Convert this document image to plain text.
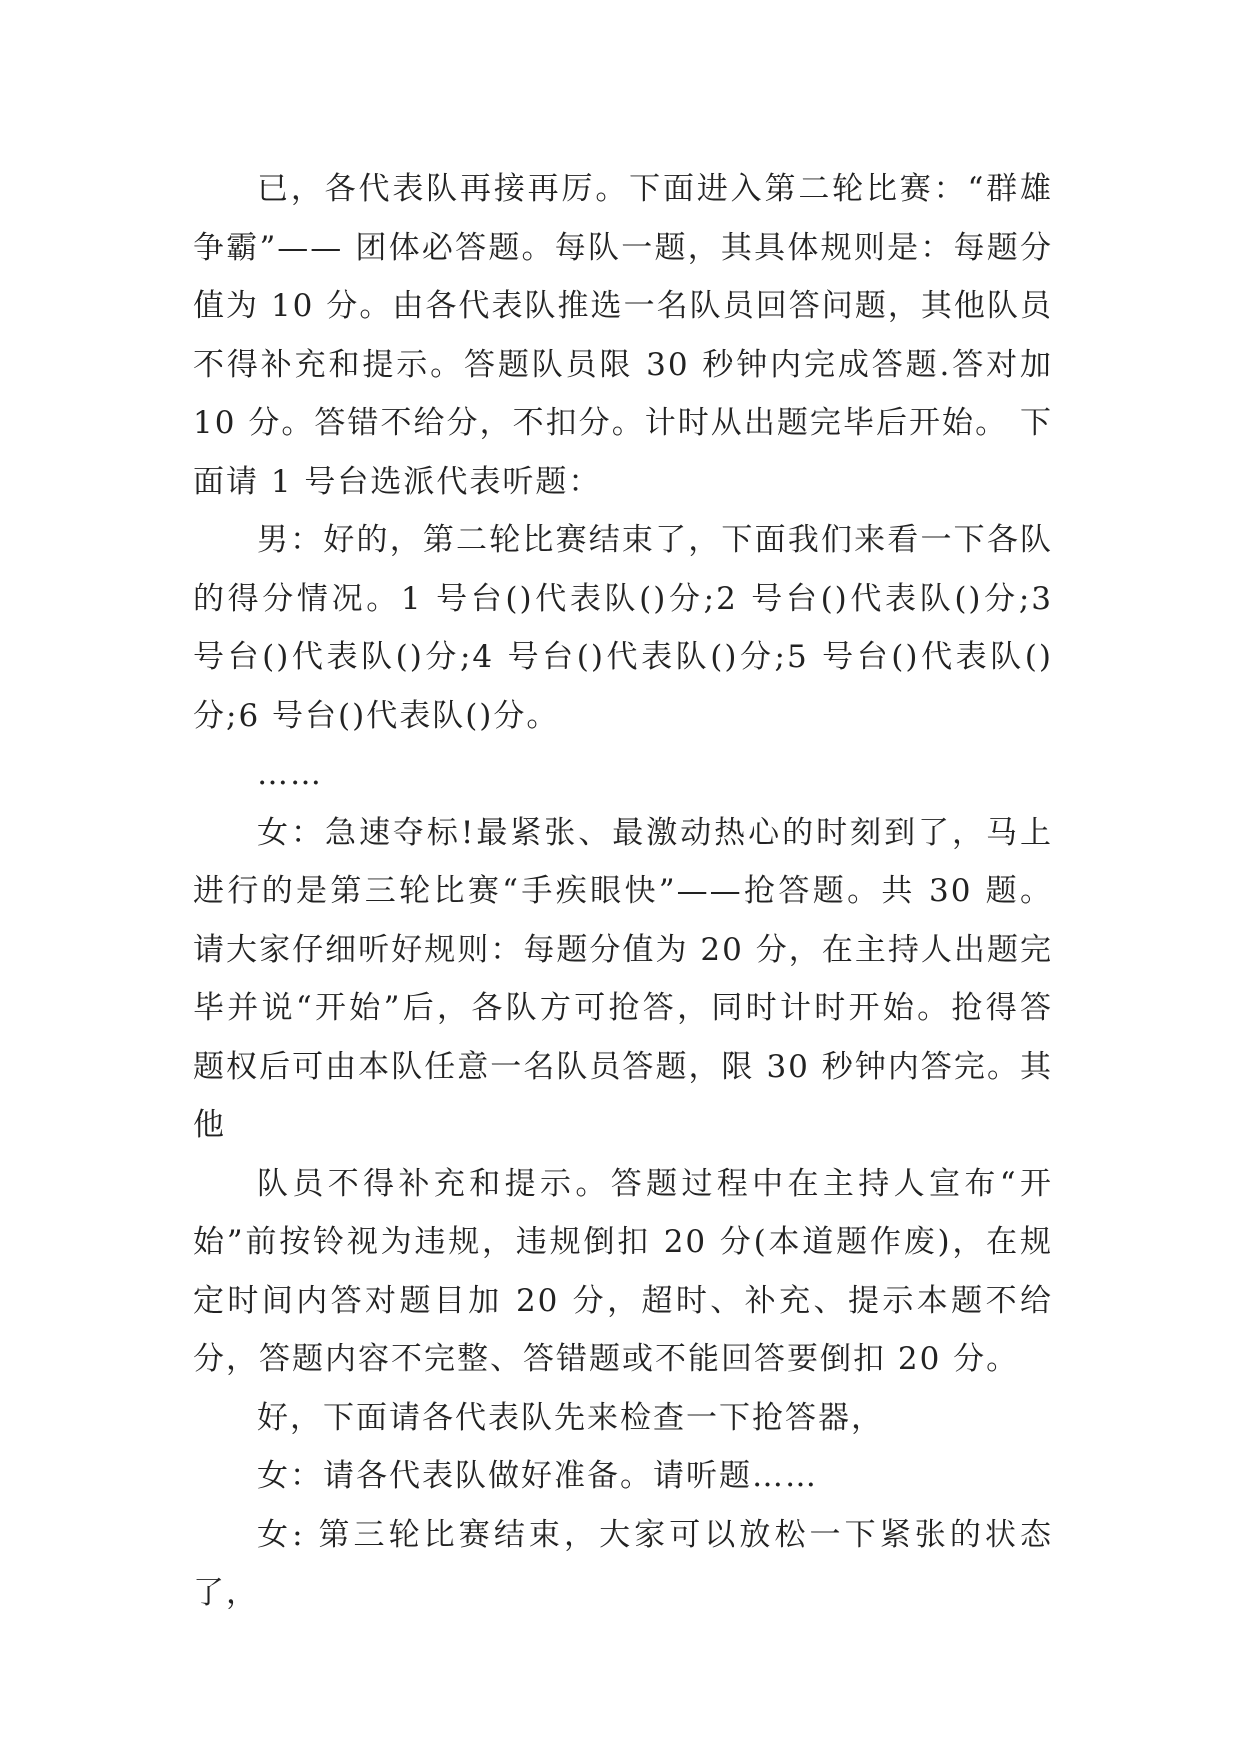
已，各代表队再接再厉。下面进入第二轮比赛：“群雄争霸”—— 团体必答题。每队一题，其具体规则是：每题分值为 10 分。由各代表队推选一名队员回答问题，其他队员不得补充和提示。答题队员限 30 秒钟内完成答题.答对加 10 分。答错不给分，不扣分。计时从出题完毕后开始。 下面请 1 号台选派代表听题：

男：好的，第二轮比赛结束了，下面我们来看一下各队的得分情况。1 号台()代表队()分;2 号台()代表队()分;3 号台()代表队()分;4 号台()代表队()分;5 号台()代表队()分;6 号台()代表队()分。

……

女：急速夺标!最紧张、最激动热心的时刻到了，马上进行的是第三轮比赛“手疾眼快”——抢答题。共 30 题。请大家仔细听好规则：每题分值为 20 分，在主持人出题完毕并说“开始”后，各队方可抢答，同时计时开始。抢得答题权后可由本队任意一名队员答题，限 30 秒钟内答完。其他

队员不得补充和提示。答题过程中在主持人宣布“开始”前按铃视为违规，违规倒扣 20 分(本道题作废)，在规定时间内答对题目加 20 分，超时、补充、提示本题不给分，答题内容不完整、答错题或不能回答要倒扣 20 分。

好，下面请各代表队先来检查一下抢答器，

女：请各代表队做好准备。请听题……

女: 第三轮比赛结束，大家可以放松一下紧张的状态了，
